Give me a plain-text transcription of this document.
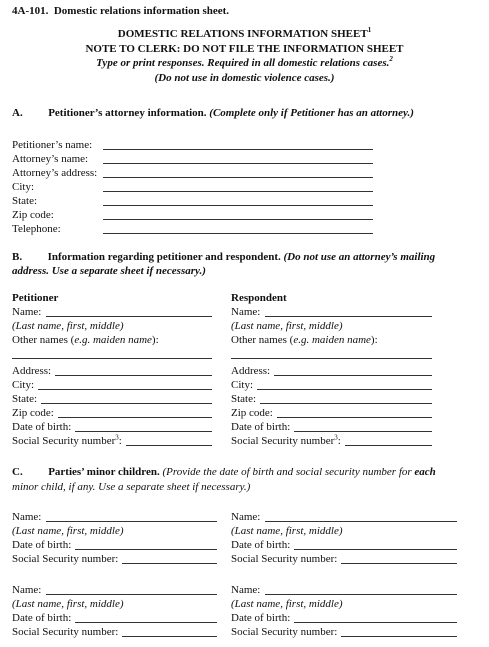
4A-101. Domestic relations information sheet.
DOMESTIC RELATIONS INFORMATION SHEET$^1$
NOTE TO CLERK: DO NOT FILE THE INFORMATION SHEET
Type or print responses. Required in all domestic relations cases.$^2$
(Do not use in domestic violence cases.)
A. Petitioner’s attorney information. (Complete only if Petitioner has an attorney.)
Petitioner’s name:
Attorney’s name:
Attorney’s address:
City:
State:
Zip code:
Telephone:
B. Information regarding petitioner and respondent. (Do not use an attorney’s mailing
address. Use a separate sheet if necessary.)
Petitioner
Name:
(Last name, first, middle)
Other names (e.g. maiden name):
Address:
City:
State:
Zip code:
Date of birth:
Social Security number$^3$:
Respondent
Name:
(Last name, first, middle)
Other names (e.g. maiden name):
Address:
City:
State:
Zip code:
Date of birth:
Social Security number$^3$:
C. Parties’ minor children. (Provide the date of birth and social security number for each
minor child, if any. Use a separate sheet if necessary.)
Name:
(Last name, first, middle)
Date of birth:
Social Security number:
Name:
(Last name, first, middle)
Date of birth:
Social Security number:
Name:
(Last name, first, middle)
Date of birth:
Social Security number:
Name:
(Last name, first, middle)
Date of birth:
Social Security number:
